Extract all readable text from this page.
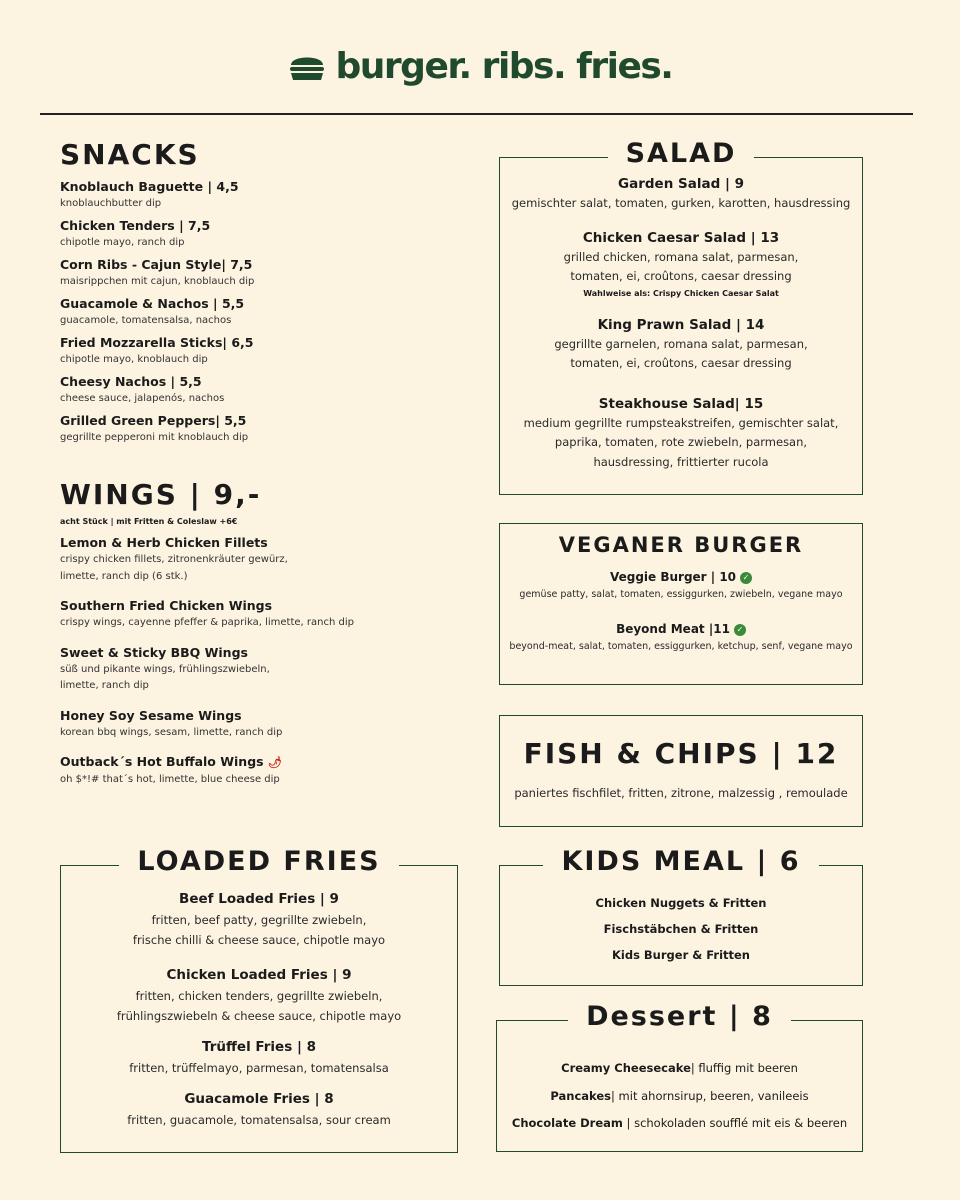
burger. ribs. fries.
SNACKS
Knoblauch Baguette | 4,5
knoblauchbutter dip
Chicken Tenders | 7,5
chipotle mayo, ranch dip
Corn Ribs - Cajun Style| 7,5
maisrippchen mit cajun, knoblauch dip
Guacamole & Nachos | 5,5
guacamole, tomatensalsa, nachos
Fried Mozzarella Sticks| 6,5
chipotle mayo, knoblauch dip
Cheesy Nachos | 5,5
cheese sauce, jalapenós, nachos
Grilled Green Peppers| 5,5
gegrillte pepperoni mit knoblauch dip
WINGS | 9,-
acht Stück | mit Fritten & Coleslaw +6€
Lemon & Herb Chicken Fillets
crispy chicken fillets, zitronenkräuter gewürz,
limette, ranch dip (6 stk.)
Southern Fried Chicken Wings
crispy wings, cayenne pfeffer & paprika, limette, ranch dip
Sweet & Sticky BBQ Wings
süß und pikante wings, frühlingszwiebeln,
limette, ranch dip
Honey Soy Sesame Wings
korean bbq wings, sesam, limette, ranch dip
Outback´s Hot Buffalo Wings 🌶
oh $*!# that´s hot, limette, blue cheese dip
SALAD
Garden Salad | 9
gemischter salat, tomaten, gurken, karotten, hausdressing
Chicken Caesar Salad | 13
grilled chicken, romana salat, parmesan,
tomaten, ei, croûtons, caesar dressing
Wahlweise als: Crispy Chicken Caesar Salat
King Prawn Salad | 14
gegrillte garnelen, romana salat, parmesan,
tomaten, ei, croûtons, caesar dressing
Steakhouse Salad| 15
medium gegrillte rumpsteakstreifen, gemischter salat,
paprika, tomaten, rote zwiebeln, parmesan,
hausdressing, frittierter rucola
VEGANER BURGER
Veggie Burger | 10 ✓
gemüse patty, salat, tomaten, essiggurken, zwiebeln, vegane mayo
Beyond Meat |11 ✓
beyond-meat, salat, tomaten, essiggurken, ketchup, senf, vegane mayo
FISH & CHIPS | 12
paniertes fischfilet, fritten, zitrone, malzessig , remoulade
KIDS MEAL | 6
Chicken Nuggets & Fritten
Fischstäbchen & Fritten
Kids Burger & Fritten
Dessert | 8
Creamy Cheesecake| fluffig mit beeren
Pancakes| mit ahornsirup, beeren, vanileeis
Chocolate Dream | schokoladen soufflé mit eis & beeren
LOADED FRIES
Beef Loaded Fries | 9
fritten, beef patty, gegrillte zwiebeln,
frische chilli & cheese sauce, chipotle mayo
Chicken Loaded Fries | 9
fritten, chicken tenders, gegrillte zwiebeln,
frühlingszwiebeln & cheese sauce, chipotle mayo
Trüffel Fries | 8
fritten, trüffelmayo, parmesan, tomatensalsa
Guacamole Fries | 8
fritten, guacamole, tomatensalsa, sour cream
